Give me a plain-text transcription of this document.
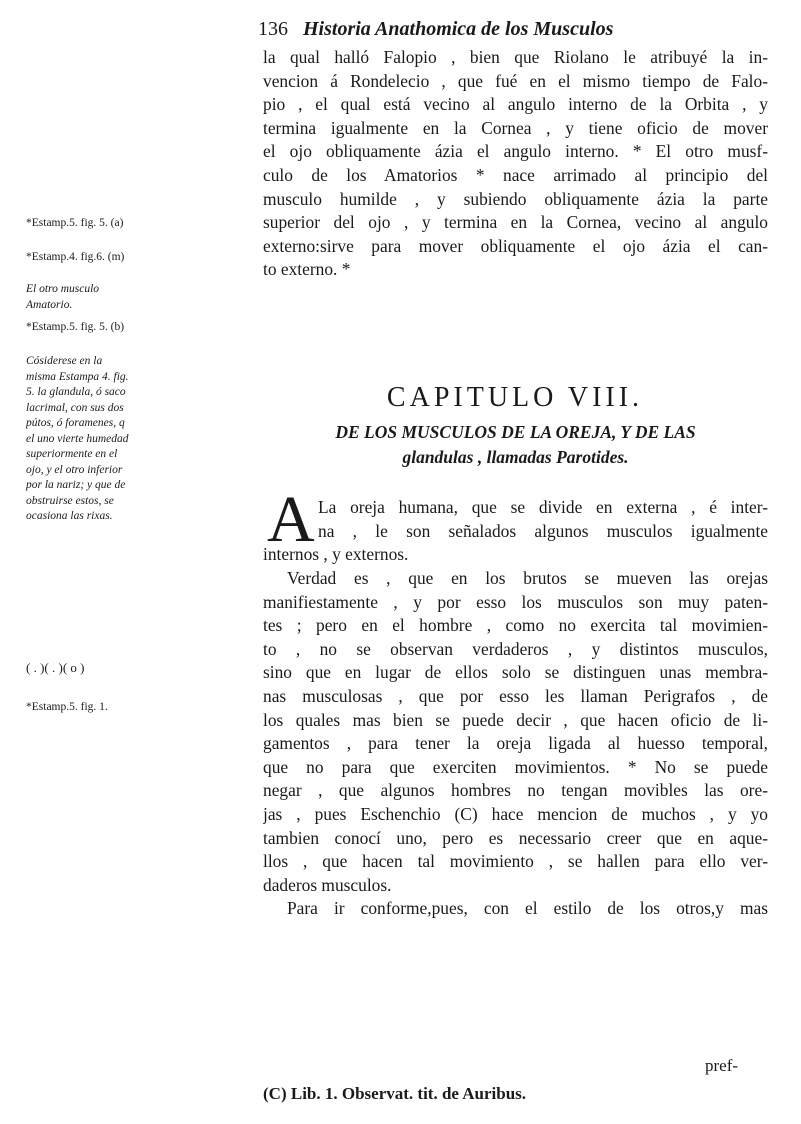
136 Historia Anathomica de los Musculos

*Estamp.5. fig. 5. (a)

*Estamp.4. fig.6. (m)

El otro musculo Amatorio.

*Estamp.5. fig. 5. (b)

Cósiderese en la misma Estampa 4. fig. 5. la glandula, ó saco lacrimal, con sus dos pútos, ó foramenes, q el uno vierte humedad superiormente en el ojo, y el otro inferior por la nariz; y que de obstruirse estos, se ocasiona las rixas.

( . )( . )( o )

*Estamp.5. fig. 1.

la qual halló Falopio , bien que Riolano le atribuyé la in-
vencion á Rondelecio , que fué en el mismo tiempo de Falo-
pio , el qual está vecino al angulo interno de la Orbita , y
termina igualmente en la Cornea , y tiene oficio de mover
el ojo obliquamente ázia el angulo interno. * El otro musf-
culo de los Amatorios * nace arrimado al principio del
musculo humilde , y subiendo obliquamente ázia la parte
superior del ojo , y termina en la Cornea, vecino al angulo
externo:sirve para mover obliquamente el ojo ázia el can-
to externo. *
CAPITULO VIII.
DE LOS MUSCULOS DE LA OREJA, Y DE LAS
glandulas , llamadas Parotides.
A La oreja humana, que se divide en externa , é inter-
na , le son señalados algunos musculos igualmente
internos , y externos.
Verdad es , que en los brutos se mueven las orejas
manifiestamente , y por esso los musculos son muy paten-
tes ; pero en el hombre , como no exercita tal movimien-
to , no se observan verdaderos , y distintos musculos,
sino que en lugar de ellos solo se distinguen unas membra-
nas musculosas , que por esso les llaman Perigrafos , de
los quales mas bien se puede decir , que hacen oficio de li-
gamentos , para tener la oreja ligada al huesso temporal,
que no para que exerciten movimientos. * No se puede
negar , que algunos hombres no tengan movibles las ore-
jas , pues Eschenchio (C) hace mencion de muchos , y yo
tambien conocí uno, pero es necessario creer que en aque-
llos , que hacen tal movimiento , se hallen para ello ver-
daderos musculos.
Para ir conforme,pues, con el estilo de los otros,y mas
pref-
(C) Lib. 1. Observat. tit. de Auribus.
